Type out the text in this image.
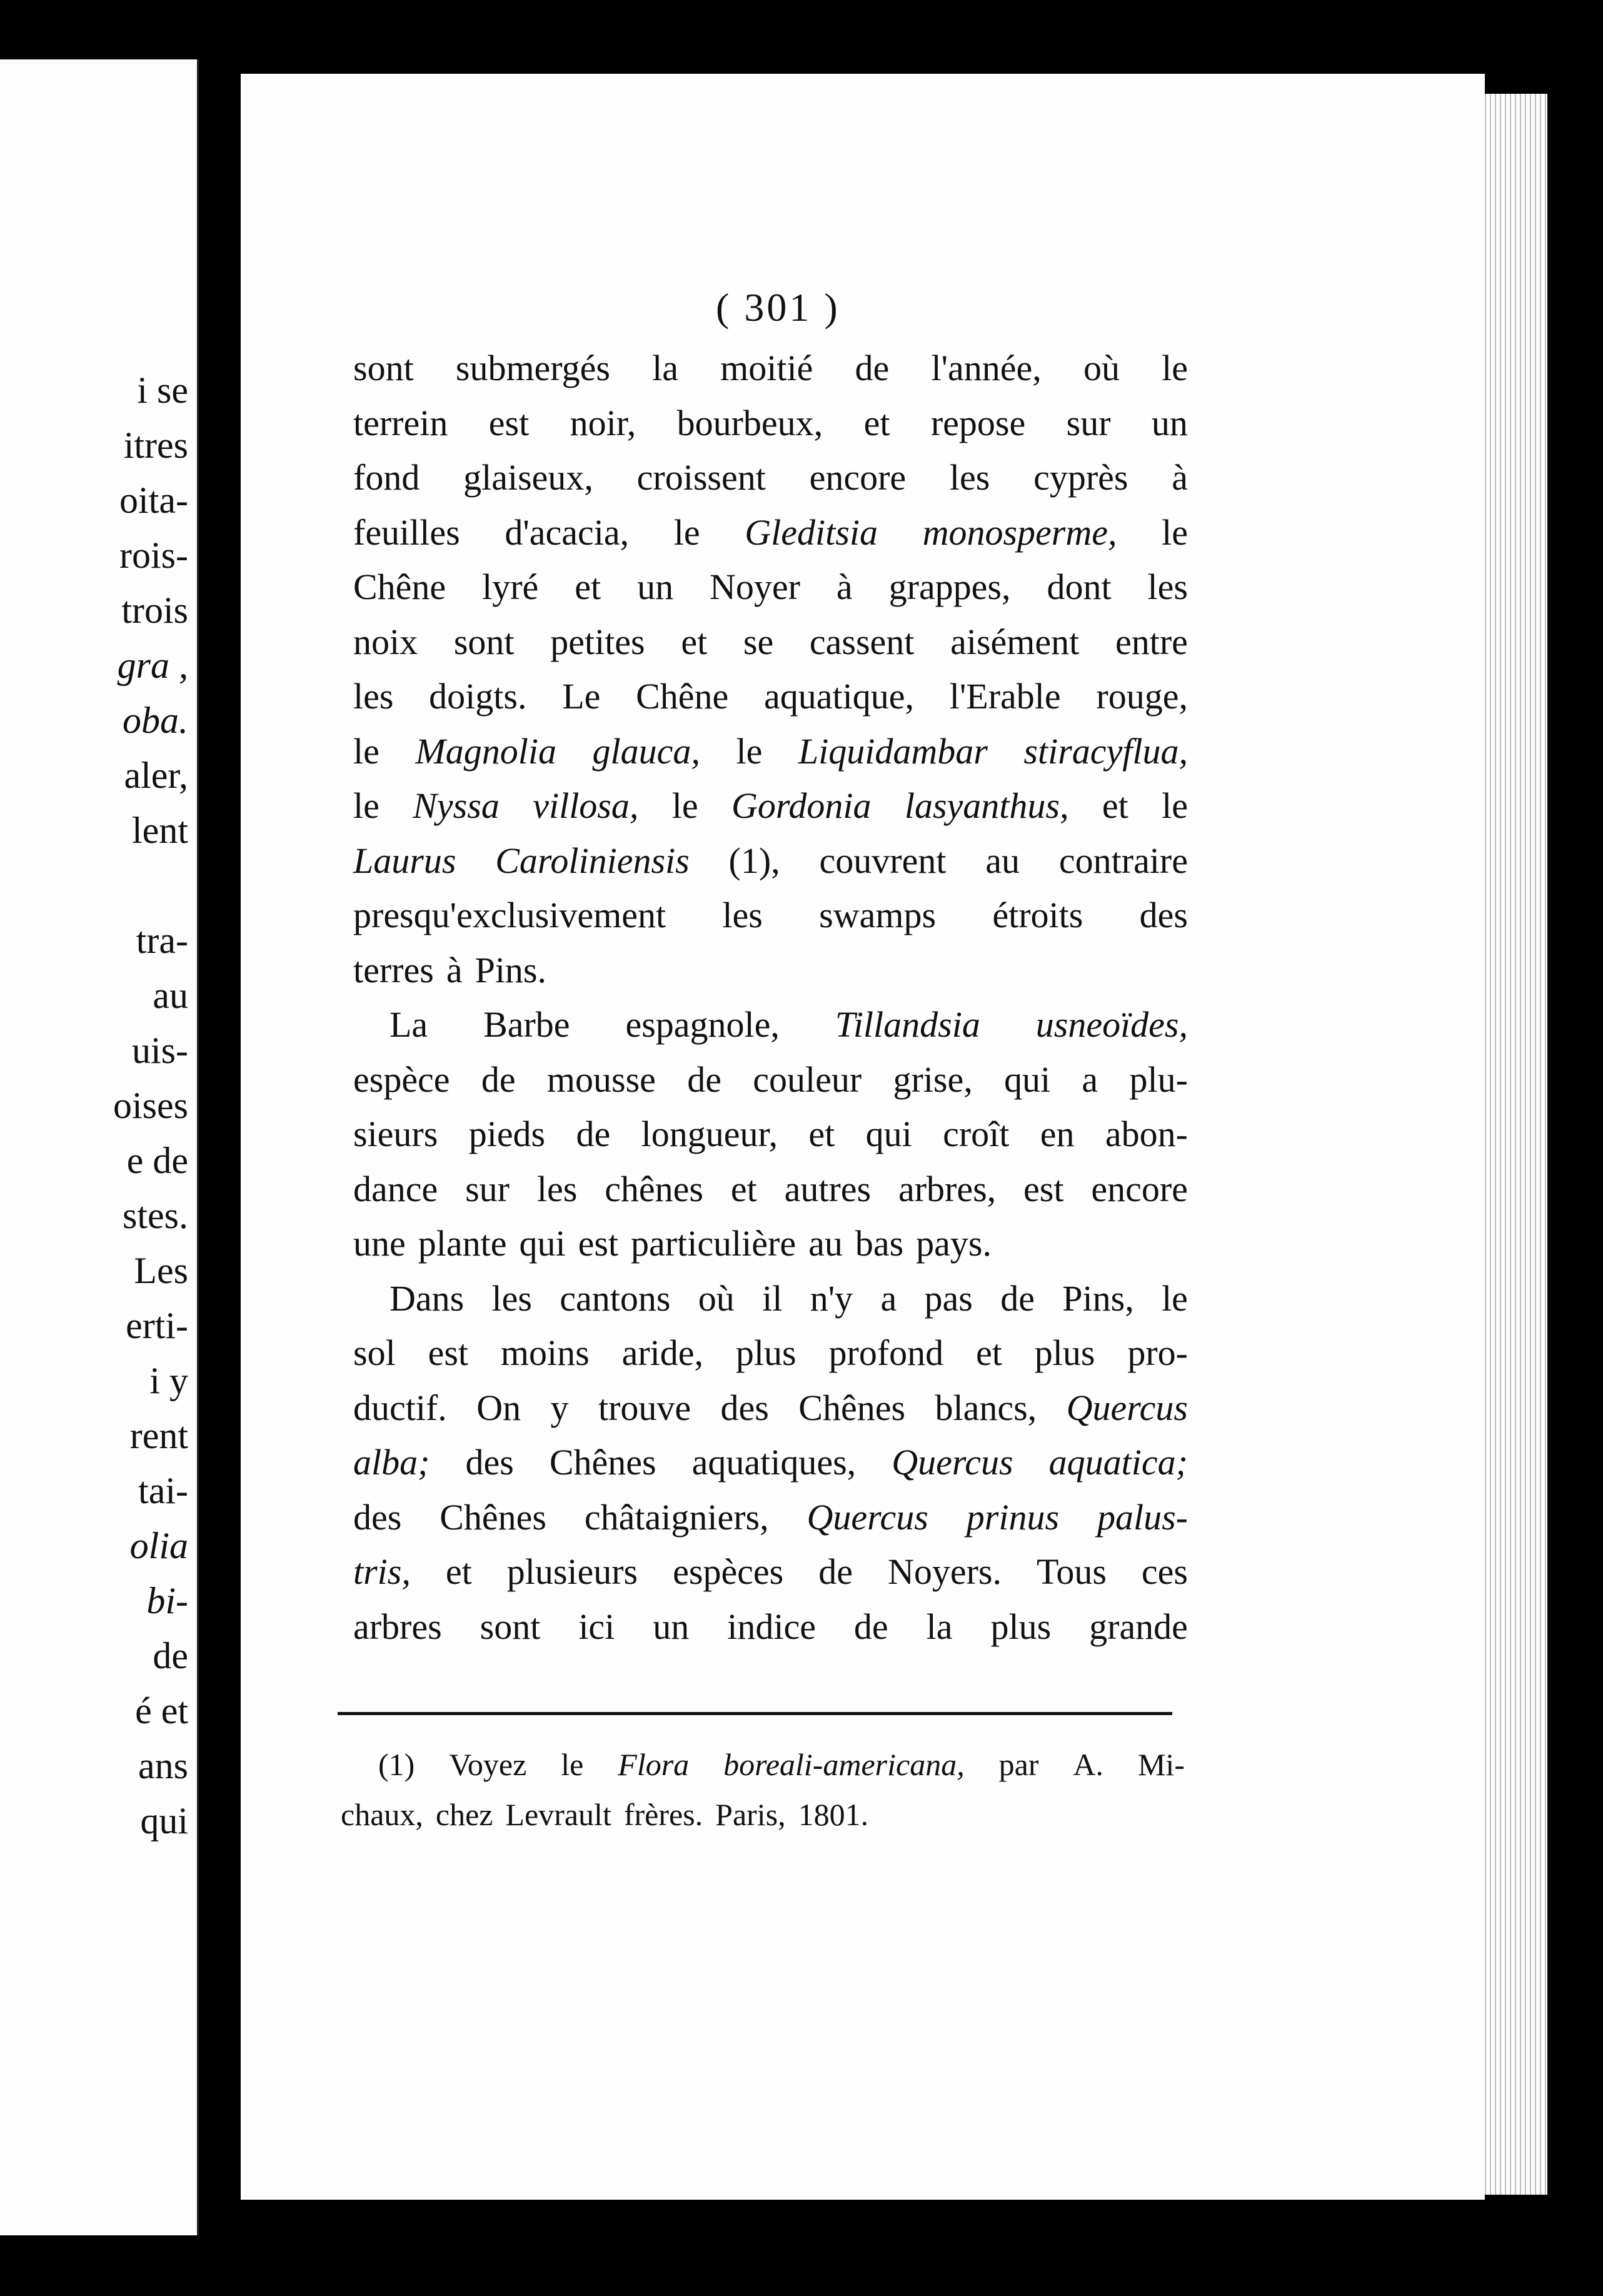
i se
itres
oita-
rois-
trois
gra ,
oba.
aler,
lent
tra-
au
uis-
oises
e de
stes.
Les
erti-
i y
rent
tai-
olia
bi-
de
é et
ans
qui
( 301 )
sont submergés la moitié de l'année, où le
terrein est noir, bourbeux, et repose sur un
fond glaiseux, croissent encore les cyprès à
feuilles d'acacia, le Gleditsia monosperme, le
Chêne lyré et un Noyer à grappes, dont les
noix sont petites et se cassent aisément entre
les doigts. Le Chêne aquatique, l'Erable rouge,
le Magnolia glauca, le Liquidambar stiracyflua,
le Nyssa villosa, le Gordonia lasyanthus, et le
Laurus Caroliniensis (1), couvrent au contraire
presqu'exclusivement les swamps étroits des
terres à Pins.
La Barbe espagnole, Tillandsia usneoïdes,
espèce de mousse de couleur grise, qui a plu-
sieurs pieds de longueur, et qui croît en abon-
dance sur les chênes et autres arbres, est encore
une plante qui est particulière au bas pays.
Dans les cantons où il n'y a pas de Pins, le
sol est moins aride, plus profond et plus pro-
ductif. On y trouve des Chênes blancs, Quercus
alba; des Chênes aquatiques, Quercus aquatica;
des Chênes châtaigniers, Quercus prinus palus-
tris, et plusieurs espèces de Noyers. Tous ces
arbres sont ici un indice de la plus grande
(1) Voyez le Flora boreali-americana, par A. Mi-
chaux, chez Levrault frères. Paris, 1801.
